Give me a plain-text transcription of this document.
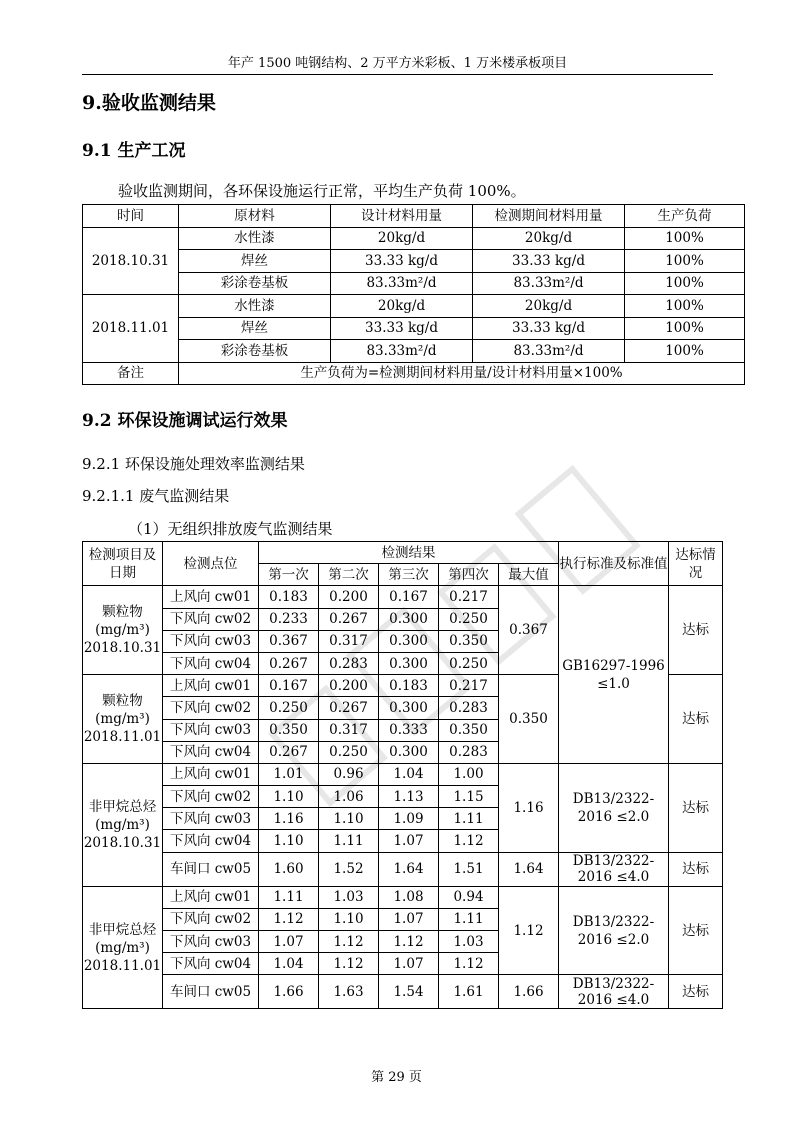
年产 1500 吨钢结构、2 万平方米彩板、1 万米楼承板项目
9.验收监测结果
9.1 生产工况
验收监测期间，各环保设施运行正常，平均生产负荷 100%。
时间	原材料	设计材料用量	检测期间材料用量	生产负荷
2018.10.31	水性漆	20kg/d	20kg/d	100%
	焊丝	33.33 kg/d	33.33 kg/d	100%
	彩涂卷基板	83.33m²/d	83.33m²/d	100%
2018.11.01	水性漆	20kg/d	20kg/d	100%
	焊丝	33.33 kg/d	33.33 kg/d	100%
	彩涂卷基板	83.33m²/d	83.33m²/d	100%
备注	生产负荷为=检测期间材料用量/设计材料用量×100%			
9.2 环保设施调试运行效果
9.2.1 环保设施处理效率监测结果
9.2.1.1 废气监测结果
（1）无组织排放废气监测结果
检测项目及日期	检测点位	检测结果					执行标准及标准值	达标情况
		第一次	第二次	第三次	第四次	最大值		

颗粒物
(mg/m³)
2018.10.31	上风向 cw01	0.183	0.200	0.167	0.217	0.367	GB16297-1996 ≤1.0	达标
	下风向 cw02	0.233	0.267	0.300	0.250			
	下风向 cw03	0.367	0.317	0.300	0.350			
	下风向 cw04	0.267	0.283	0.300	0.250			

颗粒物
(mg/m³)
2018.11.01	上风向 cw01	0.167	0.200	0.183	0.217	0.350		达标
	下风向 cw02	0.250	0.267	0.300	0.283			
	下风向 cw03	0.350	0.317	0.333	0.350			
	下风向 cw04	0.267	0.250	0.300	0.283			

非甲烷总烃(mg/m³)
2018.10.31	上风向 cw01	1.01	0.96	1.04	1.00	1.16	DB13/2322-2016 ≤2.0	达标
	下风向 cw02	1.10	1.06	1.13	1.15			
	下风向 cw03	1.16	1.10	1.09	1.11			
	下风向 cw04	1.10	1.11	1.07	1.12			
	车间口 cw05	1.60	1.52	1.64	1.51	1.64	DB13/2322-2016 ≤4.0	达标

非甲烷总烃(mg/m³)
2018.11.01	上风向 cw01	1.11	1.03	1.08	0.94	1.12	DB13/2322-2016 ≤2.0	达标
	下风向 cw02	1.12	1.10	1.07	1.11			
	下风向 cw03	1.07	1.12	1.12	1.03			
	下风向 cw04	1.04	1.12	1.07	1.12			
	车间口 cw05	1.66	1.63	1.54	1.61	1.66	DB13/2322-2016 ≤4.0	达标
第 29 页
